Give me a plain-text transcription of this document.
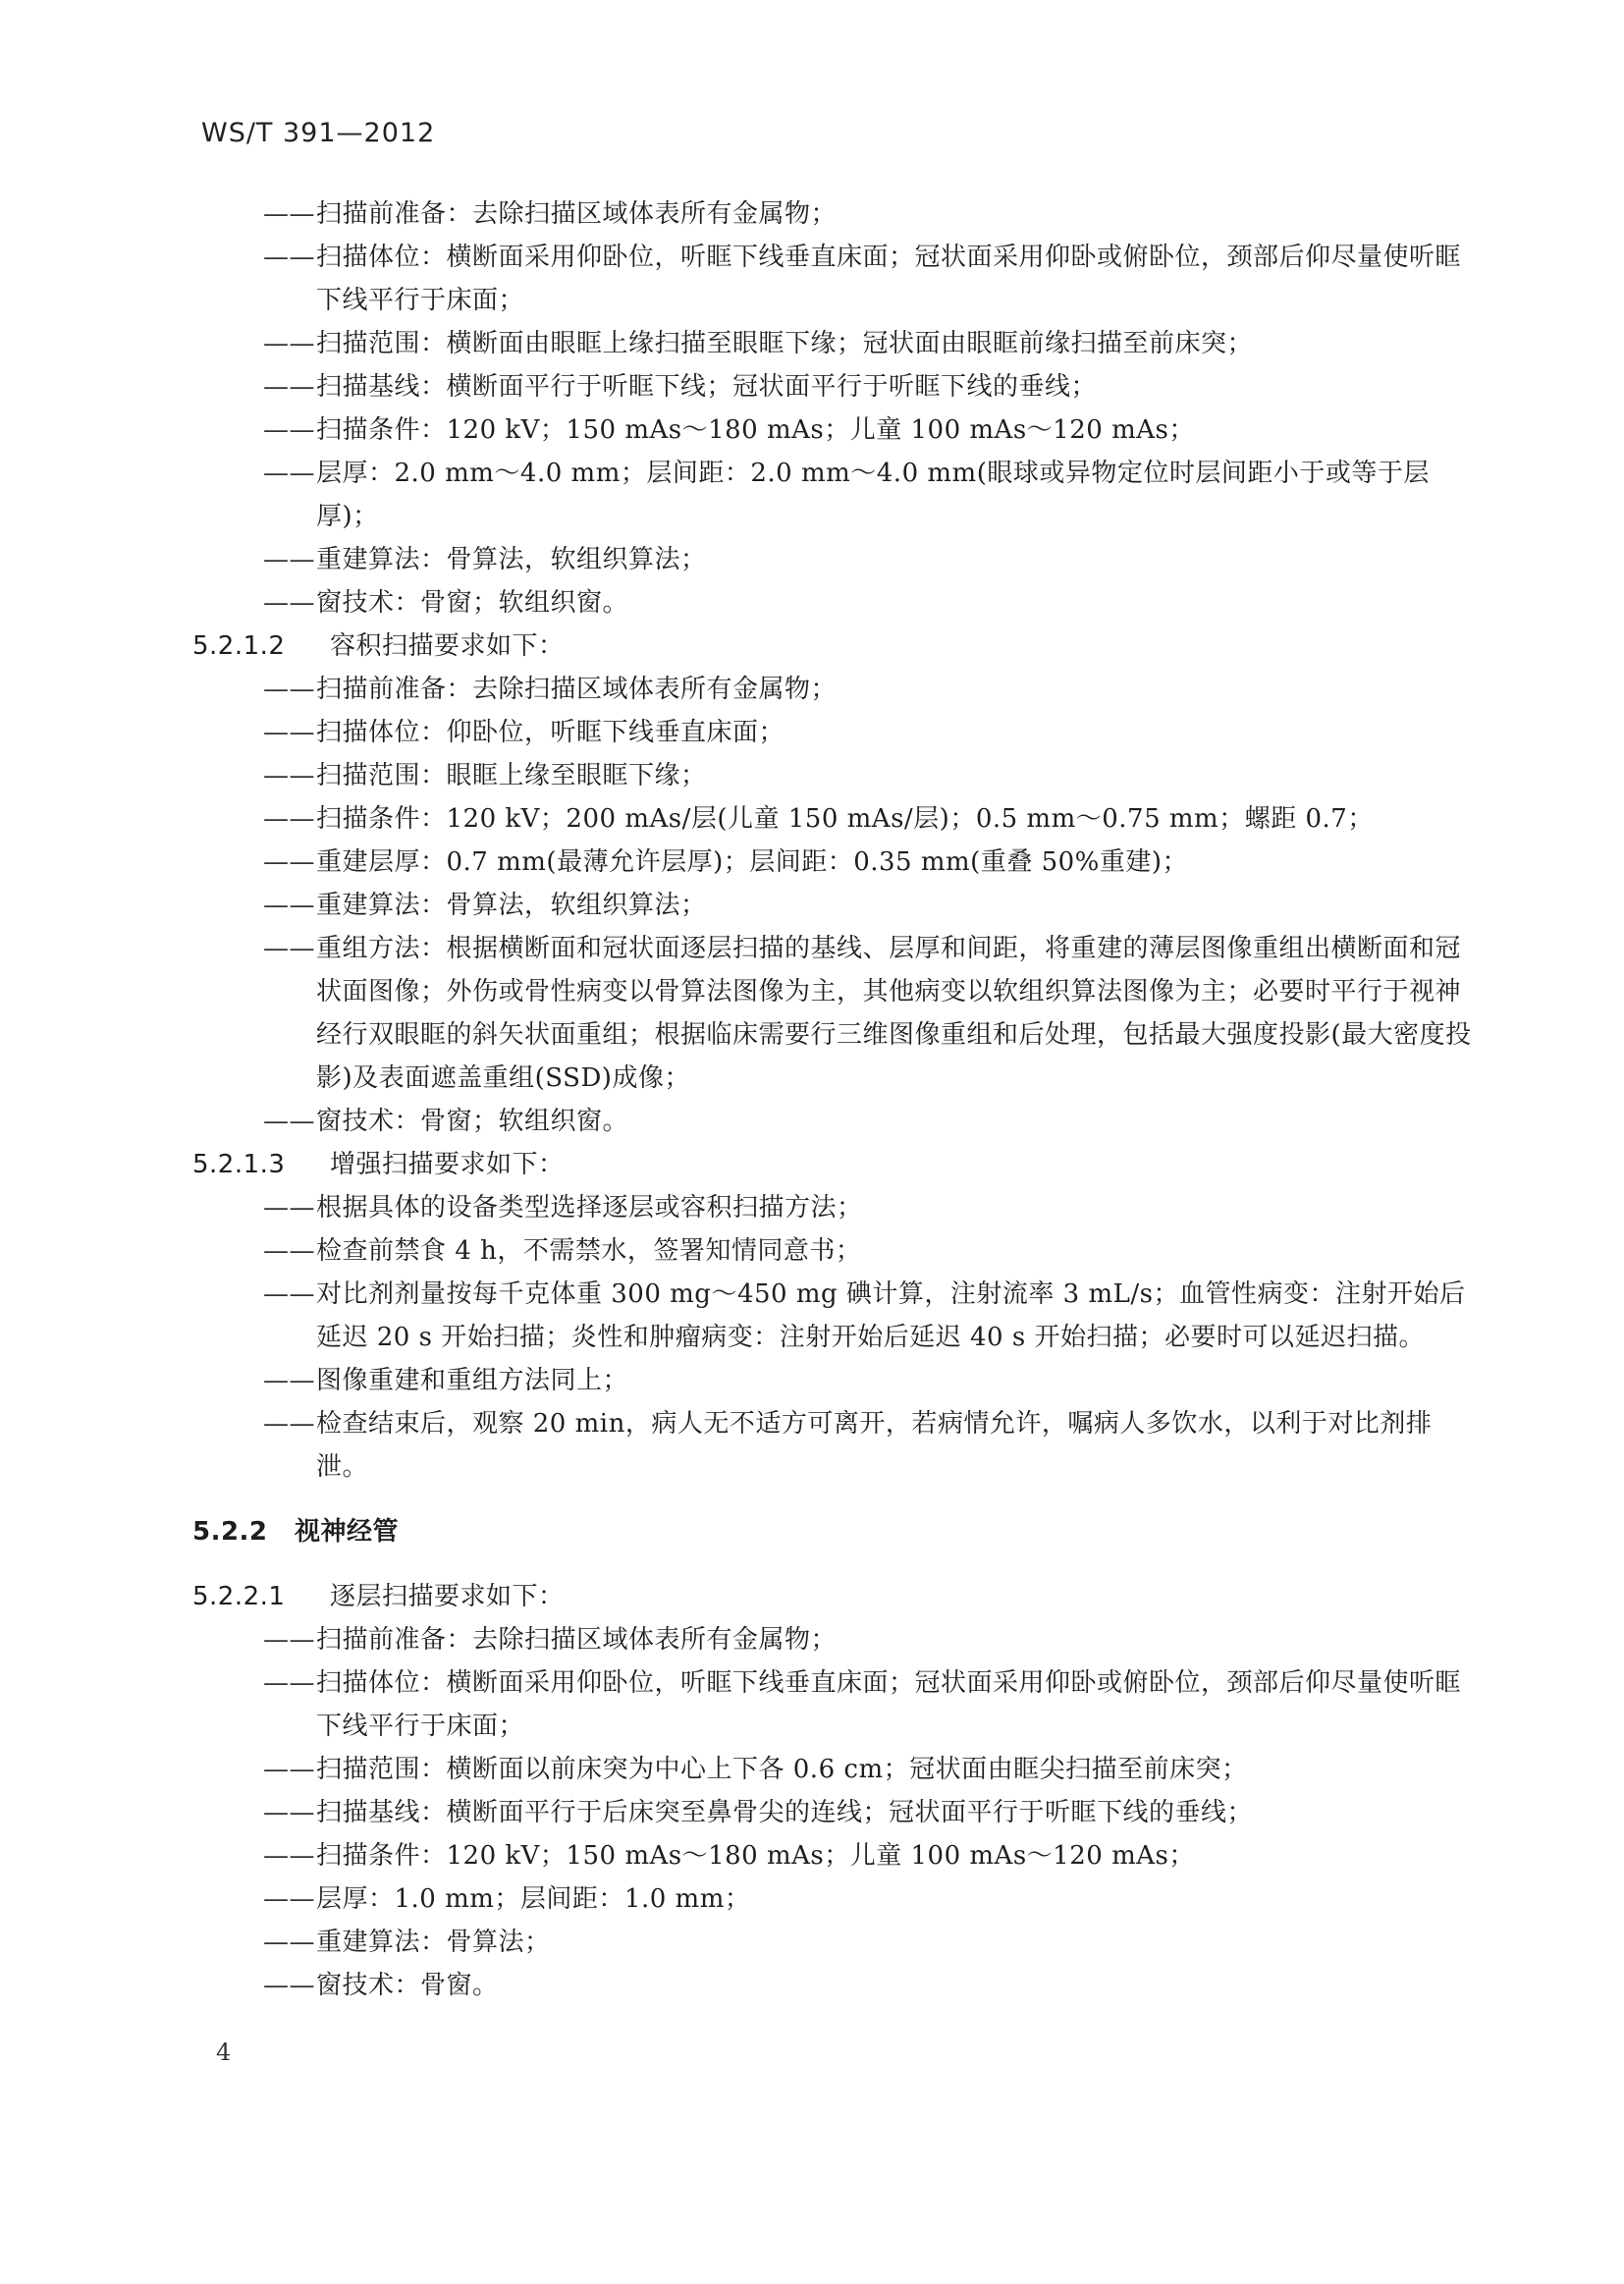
WS/T 391—2012

—— 扫描前准备：去除扫描区域体表所有金属物；

—— 扫描体位：横断面采用仰卧位，听眶下线垂直床面；冠状面采用仰卧或俯卧位，颈部后仰尽量使听眶下线平行于床面；

—— 扫描范围：横断面由眼眶上缘扫描至眼眶下缘；冠状面由眼眶前缘扫描至前床突；

—— 扫描基线：横断面平行于听眶下线；冠状面平行于听眶下线的垂线；

—— 扫描条件：120 kV；150 mAs～180 mAs；儿童 100 mAs～120 mAs；

—— 层厚：2.0 mm～4.0 mm；层间距：2.0 mm～4.0 mm(眼球或异物定位时层间距小于或等于层厚)；

—— 重建算法：骨算法，软组织算法；

—— 窗技术：骨窗；软组织窗。

5.2.1.2 容积扫描要求如下：

—— 扫描前准备：去除扫描区域体表所有金属物；

—— 扫描体位：仰卧位，听眶下线垂直床面；

—— 扫描范围：眼眶上缘至眼眶下缘；

—— 扫描条件：120 kV；200 mAs/层(儿童 150 mAs/层)；0.5 mm～0.75 mm；螺距 0.7；

—— 重建层厚：0.7 mm(最薄允许层厚)；层间距：0.35 mm(重叠 50%重建)；

—— 重建算法：骨算法，软组织算法；

—— 重组方法：根据横断面和冠状面逐层扫描的基线、层厚和间距，将重建的薄层图像重组出横断面和冠状面图像；外伤或骨性病变以骨算法图像为主，其他病变以软组织算法图像为主；必要时平行于视神经行双眼眶的斜矢状面重组；根据临床需要行三维图像重组和后处理，包括最大强度投影(最大密度投影)及表面遮盖重组(SSD)成像；

—— 窗技术：骨窗；软组织窗。

5.2.1.3 增强扫描要求如下：

—— 根据具体的设备类型选择逐层或容积扫描方法；

—— 检查前禁食 4 h，不需禁水，签署知情同意书；

—— 对比剂剂量按每千克体重 300 mg～450 mg 碘计算，注射流率 3 mL/s；血管性病变：注射开始后延迟 20 s 开始扫描；炎性和肿瘤病变：注射开始后延迟 40 s 开始扫描；必要时可以延迟扫描。

—— 图像重建和重组方法同上；

—— 检查结束后，观察 20 min，病人无不适方可离开，若病情允许，嘱病人多饮水，以利于对比剂排泄。

5.2.2 视神经管

5.2.2.1 逐层扫描要求如下：

—— 扫描前准备：去除扫描区域体表所有金属物；

—— 扫描体位：横断面采用仰卧位，听眶下线垂直床面；冠状面采用仰卧或俯卧位，颈部后仰尽量使听眶下线平行于床面；

—— 扫描范围：横断面以前床突为中心上下各 0.6 cm；冠状面由眶尖扫描至前床突；

—— 扫描基线：横断面平行于后床突至鼻骨尖的连线；冠状面平行于听眶下线的垂线；

—— 扫描条件：120 kV；150 mAs～180 mAs；儿童 100 mAs～120 mAs；

—— 层厚：1.0 mm；层间距：1.0 mm；

—— 重建算法：骨算法；

—— 窗技术：骨窗。

4
